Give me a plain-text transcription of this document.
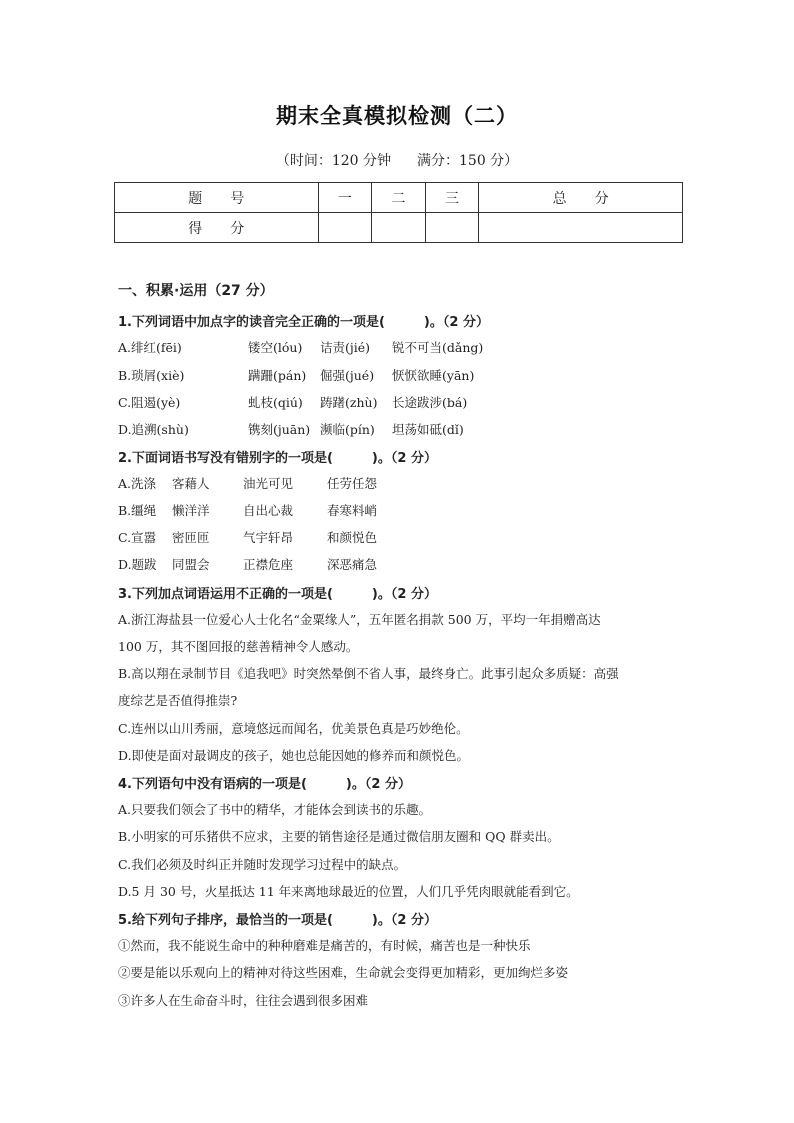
期末全真模拟检测（二）
（时间：120 分钟 满分：150 分）
题　　号	一	二	三	总　　分
得　　分				
一、积累·运用（27 分）
1.下列词语中加点字的读音完全正确的一项是(　　　)。（2 分）
A.绯红(fēi)	镂空(lóu) 诘责(jié) 锐不可当(dǎng)
B.琐屑(xiè)	蹒跚(pán) 倔强(jué) 恹恹欲睡(yān)
C.阻遏(yè)	虬枝(qiú) 踌躇(zhù) 长途跋涉(bá)
D.追溯(shù)	镌刻(juān) 濒临(pín) 坦荡如砥(dǐ)
2.下面词语书写没有错别字的一项是(　　　)。（2 分）
A.洗涤 客藉人	油光可见	任劳任怨
B.缰绳 懒洋洋	自出心裁	春寒料峭
C.宣嚣 密匝匝	气宇轩昂	和颜悦色
D.题跋 同盟会	正襟危座	深恶痛急
3.下列加点词语运用不正确的一项是(　　　)。（2 分）
A.浙江海盐县一位爱心人士化名“金粟缘人”，五年匿名捐款 500 万，平均一年捐赠高达
100 万，其不图回报的慈善精神令人感动。
B.高以翔在录制节目《追我吧》时突然晕倒不省人事，最终身亡。此事引起众多质疑：高强
度综艺是否值得推崇?
C.连州以山川秀丽，意境悠远而闻名，优美景色真是巧妙绝伦。
D.即使是面对最调皮的孩子，她也总能因她的修养而和颜悦色。
4.下列语句中没有语病的一项是(　　　)。（2 分）
A.只要我们领会了书中的精华，才能体会到读书的乐趣。
B.小明家的可乐猪供不应求，主要的销售途径是通过微信朋友圈和 QQ 群卖出。
C.我们必须及时纠正并随时发现学习过程中的缺点。
D.5 月 30 号，火星抵达 11 年来离地球最近的位置，人们几乎凭肉眼就能看到它。
5.给下列句子排序，最恰当的一项是(　　　)。（2 分）
①然而，我不能说生命中的种种磨难是痛苦的，有时候，痛苦也是一种快乐
②要是能以乐观向上的精神对待这些困难，生命就会变得更加精彩，更加绚烂多姿
③许多人在生命奋斗时，往往会遇到很多困难
